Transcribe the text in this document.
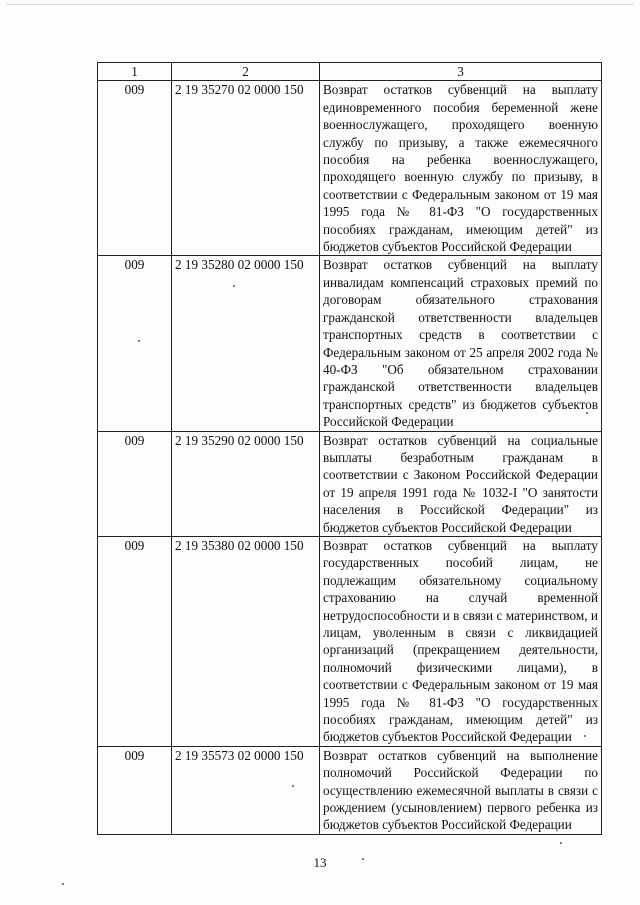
1	2	3
009	2 19 35270 02 0000 150	Возврат остатков субвенций на выплату единовременного пособия беременной жене военнослужащего, проходящего военную службу по призыву, а также ежемесячного пособия на ребенка военнослужащего, проходящего военную службу по призыву, в соответствии с Федеральным законом от 19 мая 1995 года № 81-ФЗ "О государственных пособиях гражданам, имеющим детей" из бюджетов субъектов Российской Федерации
009	2 19 35280 02 0000 150	Возврат остатков субвенций на выплату инвалидам компенсаций страховых премий по договорам обязательного страхования гражданской ответственности владельцев транспортных средств в соответствии с Федеральным законом от 25 апреля 2002 года № 40-ФЗ "Об обязательном страховании гражданской ответственности владельцев транспортных средств" из бюджетов субъектов Российской Федерации
009	2 19 35290 02 0000 150	Возврат остатков субвенций на социальные выплаты безработным гражданам в соответствии с Законом Российской Федерации от 19 апреля 1991 года № 1032-I "О занятости населения в Российской Федерации" из бюджетов субъектов Российской Федерации
009	2 19 35380 02 0000 150	Возврат остатков субвенций на выплату государственных пособий лицам, не подлежащим обязательному социальному страхованию на случай временной нетрудоспособности и в связи с материнством, и лицам, уволенным в связи с ликвидацией организаций (прекращением деятельности, полномочий физическими лицами), в соответствии с Федеральным законом от 19 мая 1995 года № 81-ФЗ "О государственных пособиях гражданам, имеющим детей" из бюджетов субъектов Российской Федерации
009	2 19 35573 02 0000 150	Возврат остатков субвенций на выполнение полномочий Российской Федерации по осуществлению ежемесячной выплаты в связи с рождением (усыновлением) первого ребенка из бюджетов субъектов Российской Федерации
13
